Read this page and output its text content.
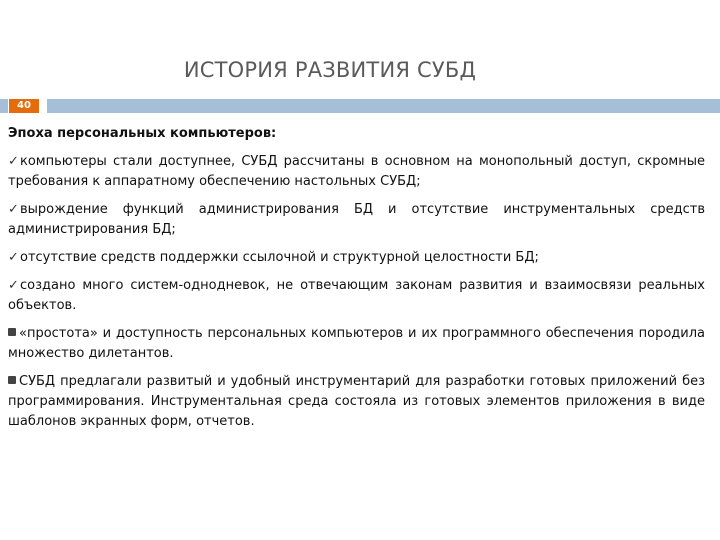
ИСТОРИЯ РАЗВИТИЯ СУБД
40
Эпоха персональных компьютеров:
✓компьютеры стали доступнее, СУБД рассчитаны в основном на монопольный доступ, скромные требования к аппаратному обеспечению настольных СУБД;
✓вырождение функций администрирования БД и отсутствие инструментальных средств администрирования БД;
✓отсутствие средств поддержки ссылочной и структурной целостности БД;
✓создано много систем-однодневок, не отвечающим законам развития и взаимосвязи реальных объектов.
«простота» и доступность персональных компьютеров и их программного обеспечения породила множество дилетантов.
СУБД предлагали развитый и удобный инструментарий для разработки готовых приложений без программирования. Инструментальная среда состояла из готовых элементов приложения в виде шаблонов экранных форм, отчетов.
